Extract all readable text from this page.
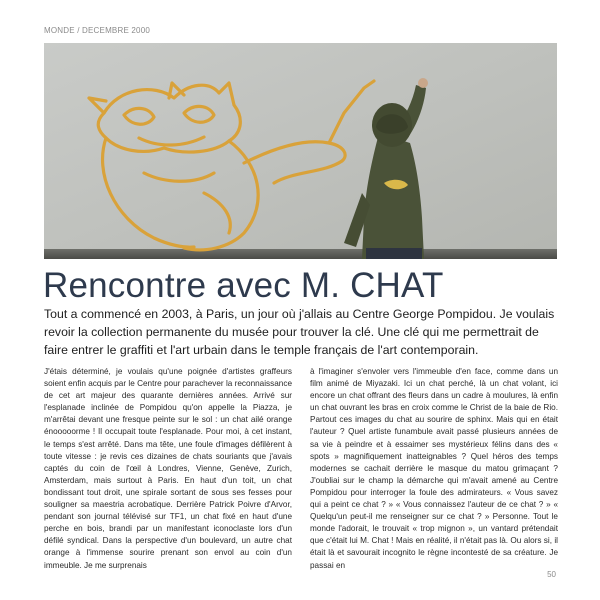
MONDE / DECEMBRE 2000
Rencontre avec M. CHAT
Tout a commencé en 2003, à Paris, un jour où j'allais au Centre George Pompidou. Je voulais revoir la collection permanente du musée pour trouver la clé. Une clé qui me permettrait de faire entrer le graffiti et l'art urbain dans le temple français de l'art contemporain.
J'étais déterminé, je voulais qu'une poignée d'artistes graffeurs soient enfin acquis par le Centre pour parachever la reconnaissance de cet art majeur des quarante dernières années. Arrivé sur l'esplanade inclinée de Pompidou qu'on appelle la Piazza, je m'arrêtai devant une fresque peinte sur le sol : un chat ailé orange énooooorme ! Il occupait toute l'esplanade. Pour moi, à cet instant, le temps s'est arrêté. Dans ma tête, une foule d'images défilèrent à toute vitesse : je revis ces dizaines de chats souriants que j'avais captés du coin de l'œil à Londres, Vienne, Genève, Zurich, Amsterdam, mais surtout à Paris. En haut d'un toit, un chat bondissant tout droit, une spirale sortant de sous ses fesses pour souligner sa maestria acrobatique. Derrière Patrick Poivre d'Arvor, pendant son journal télévisé sur TF1, un chat fixé en haut d'une perche en bois, brandi par un manifestant iconoclaste lors d'un défilé syndical. Dans la perspective d'un boulevard, un autre chat orange à l'immense sourire prenant son envol au coin d'un immeuble. Je me surprenais
à l'imaginer s'envoler vers l'immeuble d'en face, comme dans un film animé de Miyazaki. Ici un chat perché, là un chat volant, ici encore un chat offrant des fleurs dans un cadre à moulures, là enfin un chat ouvrant les bras en croix comme le Christ de la baie de Rio. Partout ces images du chat au sourire de sphinx. Mais qui en était l'auteur ? Quel artiste funambule avait passé plusieurs années de sa vie à peindre et à essaimer ses mystérieux félins dans des « spots » magnifiquement inatteignables ? Quel héros des temps modernes se cachait derrière le masque du matou grimaçant ? J'oubliai sur le champ la démarche qui m'avait amené au Centre Pompidou pour interroger la foule des admirateurs. « Vous savez qui a peint ce chat ? » « Vous connaissez l'auteur de ce chat ? » « Quelqu'un peut-il me renseigner sur ce chat ? » Personne. Tout le monde l'adorait, le trouvait « trop mignon », un vantard prétendait que c'était lui M. Chat ! Mais en réalité, il n'était pas là. Ou alors si, il était là et savourait incognito le règne incontesté de sa créature. Je passai en
50
